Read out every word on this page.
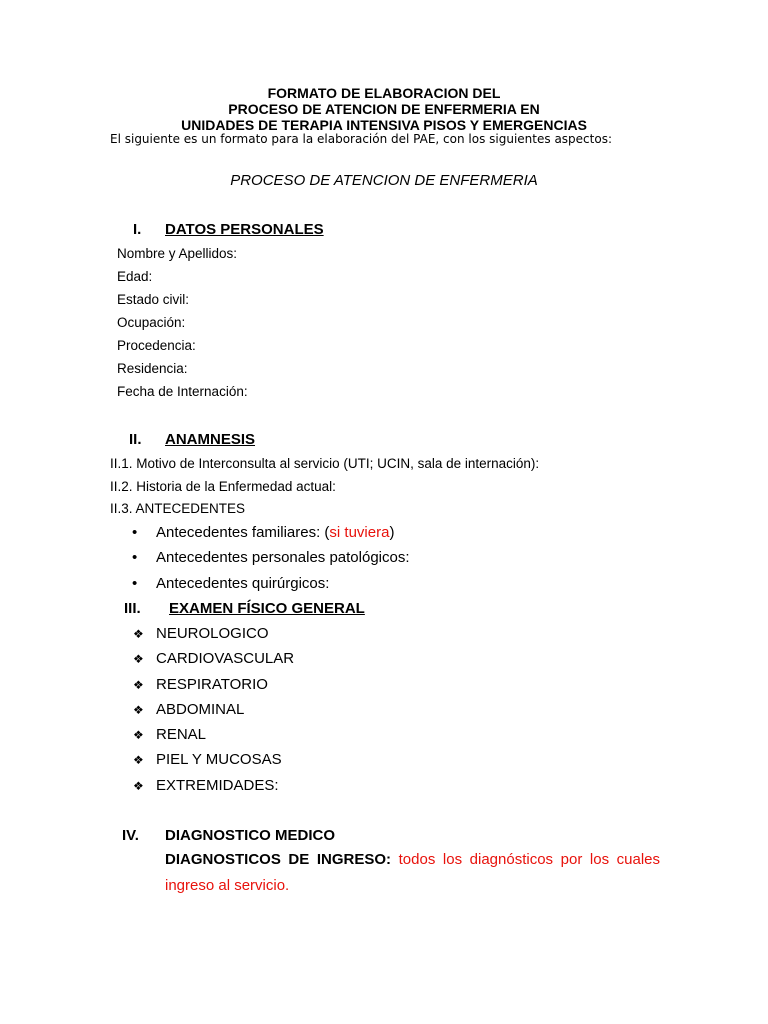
FORMATO DE ELABORACION DEL
PROCESO DE ATENCION DE ENFERMERIA EN
UNIDADES DE TERAPIA INTENSIVA PISOS Y EMERGENCIAS
El siguiente es un formato para la elaboración del PAE, con los siguientes aspectos:
PROCESO DE ATENCION DE ENFERMERIA
I. DATOS PERSONALES
Nombre y Apellidos:
Edad:
Estado civil:
Ocupación:
Procedencia:
Residencia:
Fecha de Internación:
II. ANAMNESIS
II.1. Motivo de Interconsulta al servicio (UTI; UCIN, sala de internación):
II.2. Historia de la Enfermedad actual:
II.3. ANTECEDENTES
• Antecedentes familiares: (si tuviera)
• Antecedentes personales patológicos:
• Antecedentes quirúrgicos:
III. EXAMEN FÍSICO GENERAL
❖ NEUROLOGICO
❖ CARDIOVASCULAR
❖ RESPIRATORIO
❖ ABDOMINAL
❖ RENAL
❖ PIEL Y MUCOSAS
❖ EXTREMIDADES:
IV. DIAGNOSTICO MEDICO
DIAGNOSTICOS DE INGRESO: todos los diagnósticos por los cuales ingreso al servicio.
